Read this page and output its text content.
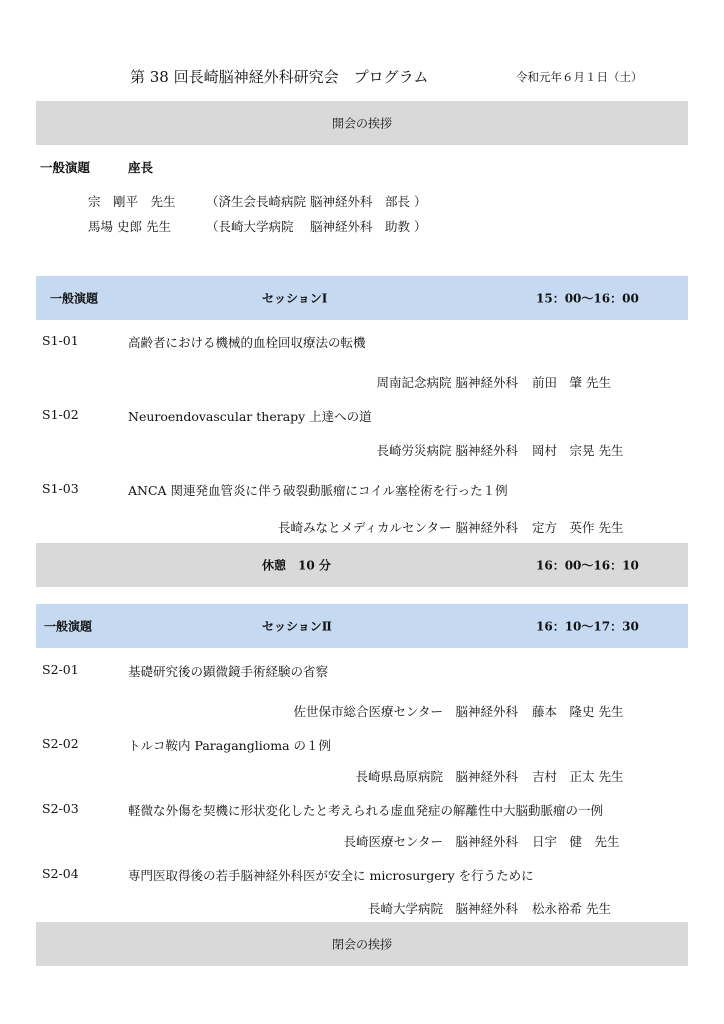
第 38 回長崎脳神経外科研究会　プログラム	令和元年６月１日（土）
開会の挨拶
一般演題	座長
宗　剛平　先生 （済生会長崎病院 脳神経外科　部長 ）
馬場 史郎 先生	（長崎大学病院　 脳神経外科　助教 ）
一般演題	セッションⅠ	15：00〜16：00
S1-01	高齢者における機械的血栓回収療法の転機
周南記念病院 脳神経外科 前田　肇 先生
S1-02	Neuroendovascular therapy 上達への道
長崎労災病院 脳神経外科 岡村　宗晃 先生
S1-03	ANCA 関連発血管炎に伴う破裂動脈瘤にコイル塞栓術を行った１例
長崎みなとメディカルセンター 脳神経外科 定方　英作 先生
休憩　10 分	16：00〜16：10
一般演題	セッションⅡ	16：10〜17：30
S2-01	基礎研究後の顕微鏡手術経験の省察
佐世保市総合医療センター　脳神経外科 藤本　隆史 先生
S2-02	トルコ鞍内 Paraganglioma の１例
長崎県島原病院　脳神経外科 吉村　正太 先生
S2-03	軽微な外傷を契機に形状変化したと考えられる虚血発症の解離性中大脳動脈瘤の一例
長崎医療センター　脳神経外科 日宇　健　先生
S2-04	専門医取得後の若手脳神経外科医が安全に microsurgery を行うために
長崎大学病院　脳神経外科 松永裕希 先生
閉会の挨拶
